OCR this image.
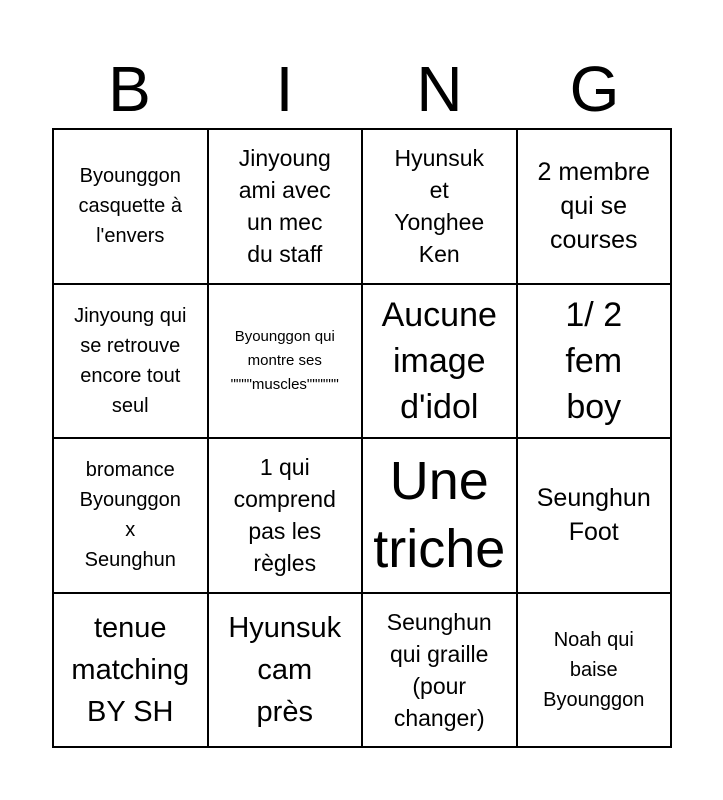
B	I	N	G
Byounggon
casquette à
l'envers
Jinyoung
ami avec
un mec
du staff
Hyunsuk
et
Yonghee
Ken
2 membre
qui se
courses
Jinyoung qui
se retrouve
encore tout
seul
Byounggon qui
montre ses
""""muscles""""""
Aucune
image
d'idol
1/ 2
fem
boy
bromance
Byounggon
x
Seunghun
1 qui
comprend
pas les
règles
Une
triche
Seunghun
Foot
tenue
matching
BY SH
Hyunsuk
cam
près
Seunghun
qui graille
(pour
changer)
Noah qui
baise
Byounggon
